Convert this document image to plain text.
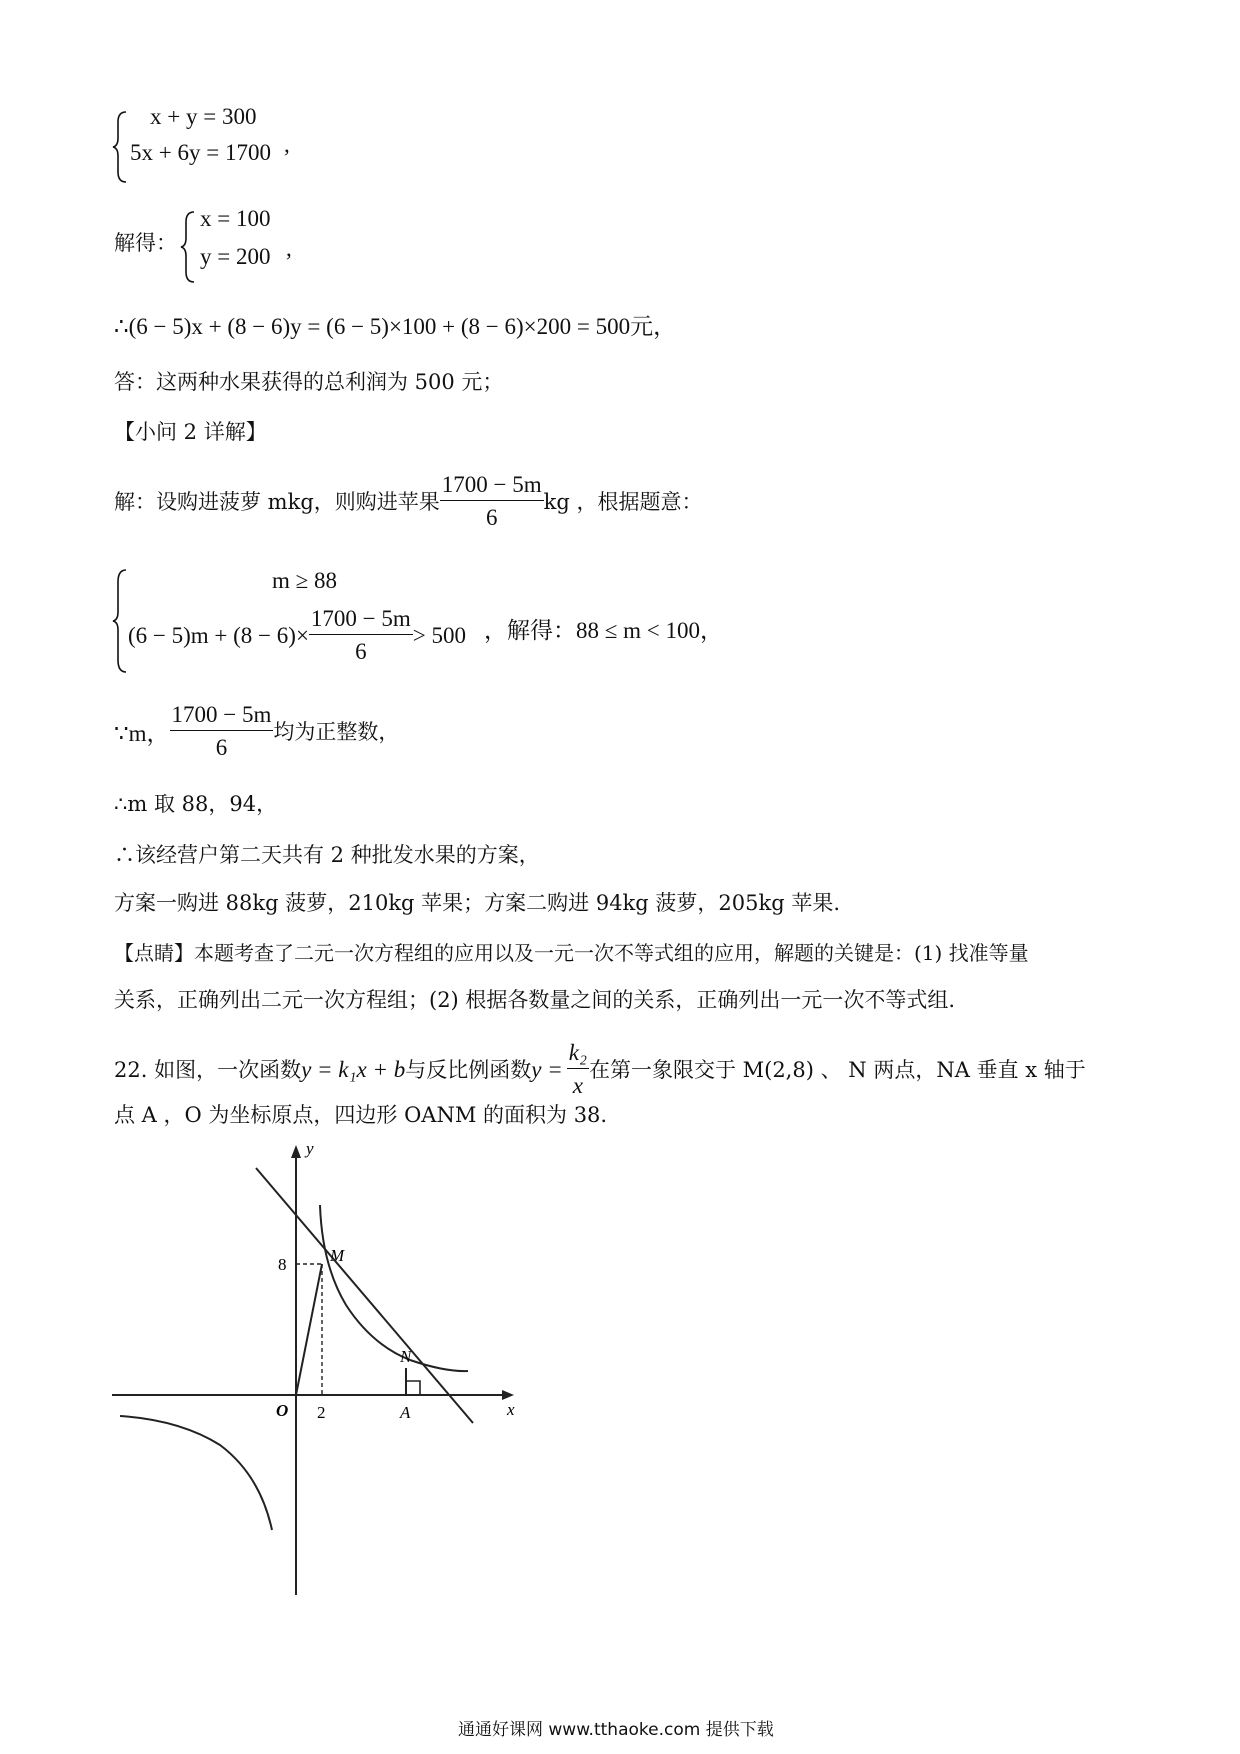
x + y = 300
5x + 6y = 1700 ,
解得：
x = 100
y = 200 ,
∴(6 − 5)x + (8 − 6)y = (6 − 5)×100 + (8 − 6)×200 = 500元，
答：这两种水果获得的总利润为 500 元；
【小问 2 详解】
解：设购进菠萝 mkg，则购进苹果 $\frac{1700 - 5m}{6}$ kg ，根据题意：
m ≥ 88
$(6 - 5)m + (8 - 6)\times \frac{1700 - 5m}{6} > 500$ ，解得：88 ≤ m < 100，
∵m， $\frac{1700 - 5m}{6}$ 均为正整数，
∴m 取 88，94，
∴该经营户第二天共有 2 种批发水果的方案，
方案一购进 88kg 菠萝，210kg 苹果；方案二购进 94kg 菠萝，205kg 苹果.
【点睛】本题考查了二元一次方程组的应用以及一元一次不等式组的应用，解题的关键是：(1) 找准等量
关系，正确列出二元一次方程组；(2) 根据各数量之间的关系，正确列出一元一次不等式组.
22. 如图，一次函数 y = k₁x + b 与反比例函数 $y = \frac{\text{k₂}}{x}$ 在第一象限交于 M(2,8) 、 N 两点，NA 垂直 x 轴于
点 A ，O 为坐标原点，四边形 OANM 的面积为 38.
y
x
O
M
N
A
2
8
通通好课网 www.tthaoke.com 提供下载
